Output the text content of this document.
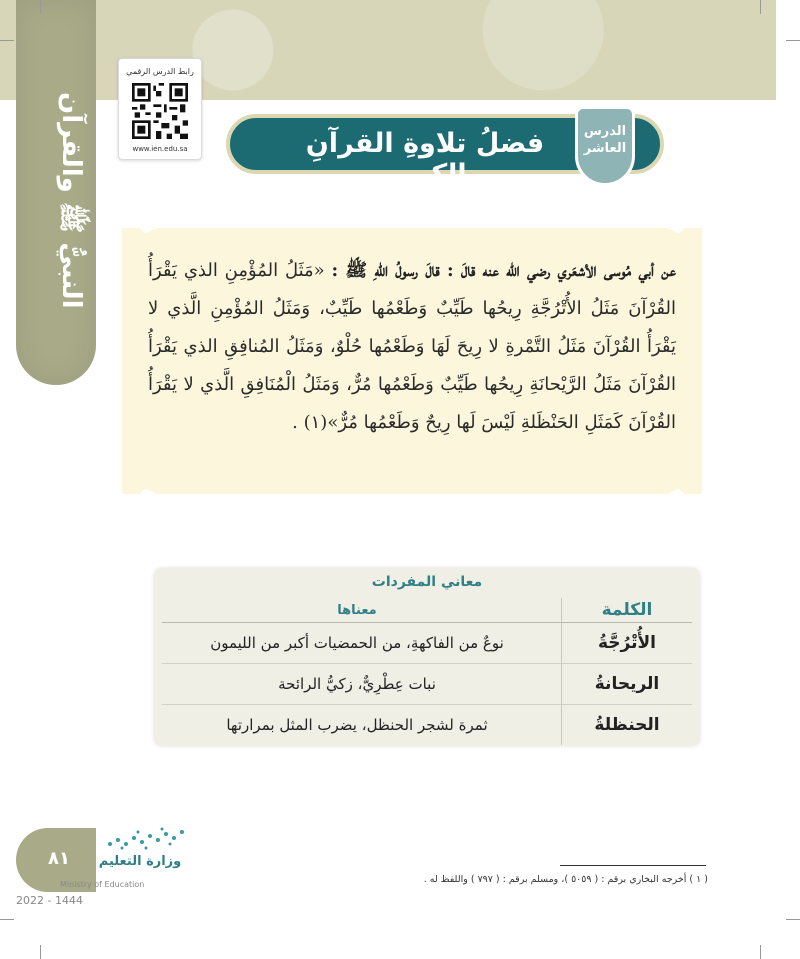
النبيُّ ﷺ والقرآن
رابط الدرس الرقمي
www.ien.edu.sa	فضلُ تلاوةِ القرآنِ الكريم
الدرس
العاشر
عن أبي مُوسى الأشعَري رضي الله عنه قالَ : قالَ رسولُ اللهِ ﷺ : «مَثَلُ المُؤْمِنِ الذي يَقْرَأُ القُرْآنَ مَثَلُ الأُتْرُجَّةِ رِيحُها طَيِّبٌ وَطَعْمُها طَيِّبٌ، وَمَثَلُ المُؤْمِنِ الَّذي لا يَقْرَأُ القُرْآنَ مَثَلُ التَّمْرةِ لا رِيحَ لَهَا وَطَعْمُها حُلْوٌ، وَمَثَلُ المُنافِقِ الذي يَقْرَأُ القُرْآنَ مَثَلُ الرَّيْحانَةِ رِيحُها طَيِّبٌ وَطَعْمُها مُرٌّ، وَمَثَلُ الْمُنَافِقِ الَّذي لا يَقْرَأُ القُرْآنَ كَمَثَلِ الحَنْظَلةِ لَيْسَ لَها رِيحٌ وَطَعْمُها مُرٌّ»(١) .
معاني المفردات
الكلمة	معناها
الأُتْرُجَّةُ	نوعٌ من الفاكهةِ، من الحمضيات أكبر من الليمون
الريحانةُ	نبات عِطْرِيٌّ، زكيُّ الرائحة
الحنظلةُ	ثمرة لشجر الحنظل، يضرب المثل بمرارتها
( ١ ) أخرجه البخاري برقم : ( ٥٠٥٩ )، ومسلم برقم : ( ٧٩٧ ) واللفظ له .
٨١	وزارة التعليم
Ministry of Education
2022 - 1444
